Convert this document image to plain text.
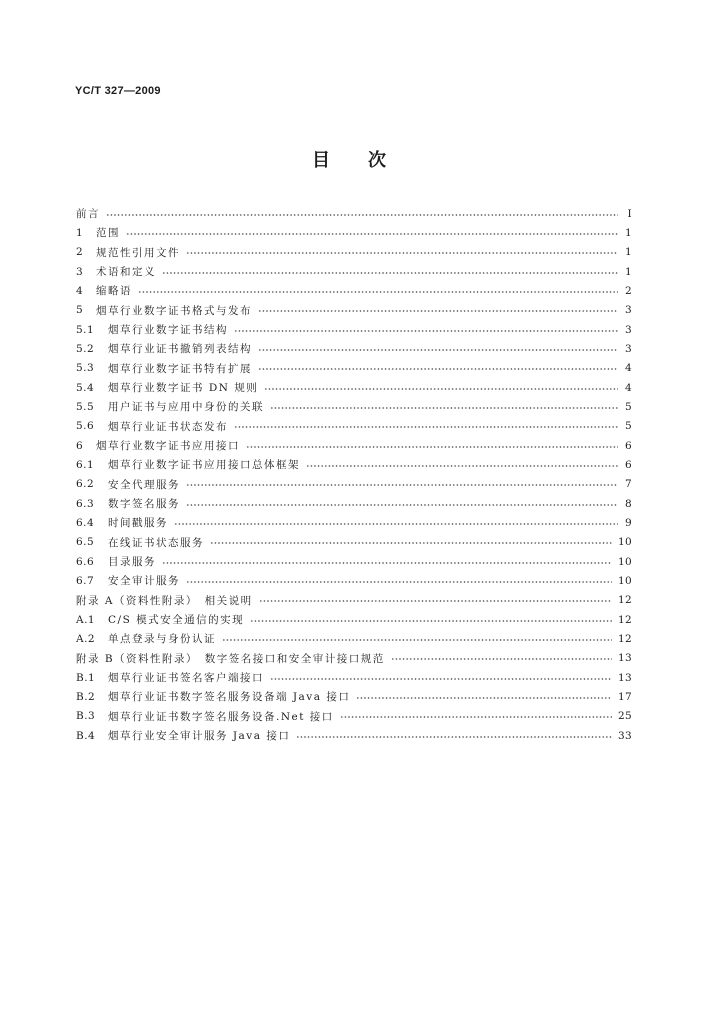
YC/T 327—2009
目　次
前言	I
1	范围	1
2	规范性引用文件	1
3	术语和定义	1
4	缩略语	2
5	烟草行业数字证书格式与发布	3
5.1	烟草行业数字证书结构	3
5.2	烟草行业证书撤销列表结构	3
5.3	烟草行业数字证书特有扩展	4
5.4	烟草行业数字证书 DN 规则	4
5.5	用户证书与应用中身份的关联	5
5.6	烟草行业证书状态发布	5
6	烟草行业数字证书应用接口	6
6.1	烟草行业数字证书应用接口总体框架	6
6.2	安全代理服务	7
6.3	数字签名服务	8
6.4	时间戳服务	9
6.5	在线证书状态服务	10
6.6	目录服务	10
6.7	安全审计服务	10
附录 A（资料性附录）　相关说明	12
A.1	C/S 模式安全通信的实现	12
A.2	单点登录与身份认证	12
附录 B（资料性附录）　数字签名接口和安全审计接口规范	13
B.1	烟草行业证书签名客户端接口	13
B.2	烟草行业证书数字签名服务设备端 Java 接口	17
B.3	烟草行业证书数字签名服务设备.Net 接口	25
B.4	烟草行业安全审计服务 Java 接口	33
